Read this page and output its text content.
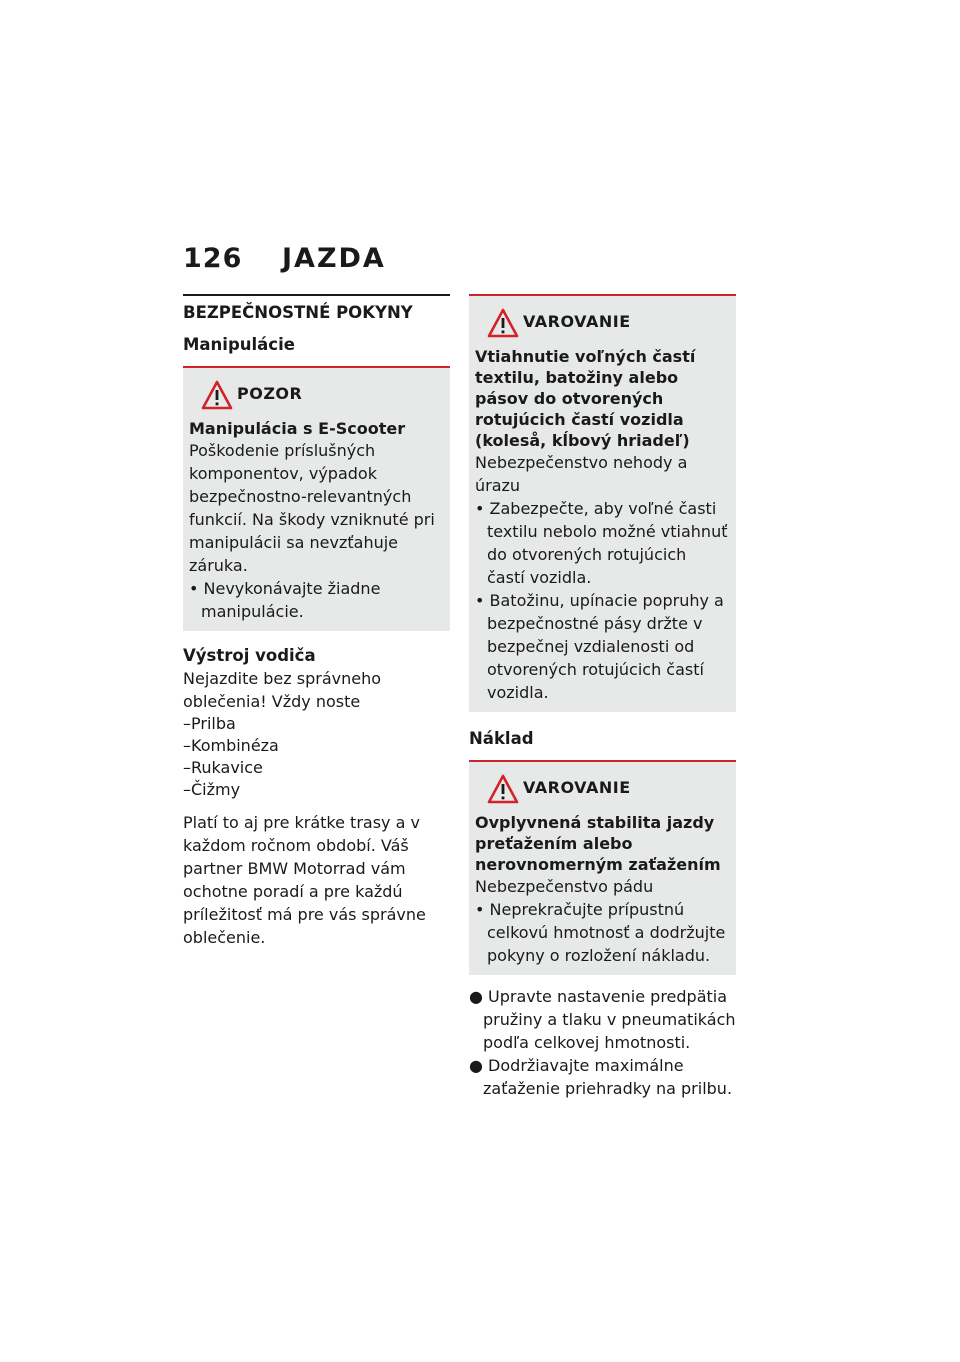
126 JAZDA
BEZPEČNOSTNÉ POKYNY
Manipulácie
POZOR
Manipulácia s E-Scooter
Poškodenie príslušných komponentov, výpadok bezpečnostno-relevantných funkcií. Na škody vzniknuté pri manipulácii sa nevzťahuje záruka.
• Nevykonávajte žiadne manipulácie.
Výstroj vodiča
Nejazdite bez správneho oblečenia! Vždy noste
–Prilba
–Kombinéza
–Rukavice
–Čižmy
Platí to aj pre krátke trasy a v každom ročnom období. Váš partner BMW Motorrad vám ochotne poradí a pre každú príležitosť má pre vás správne oblečenie.
VAROVANIE
Vtiahnutie voľných častí textilu, batožiny alebo pásov do otvorených rotujúcich častí vozidla (koleså, kĺbový hriadeľ)
Nebezpečenstvo nehody a úrazu
• Zabezpečte, aby voľné časti textilu nebolo možné vtiahnuť do otvorených rotujúcich častí vozidla.
• Batožinu, upínacie popruhy a bezpečnostné pásy držte v bezpečnej vzdialenosti od otvorených rotujúcich častí vozidla.
Náklad
VAROVANIE
Ovplyvnená stabilita jazdy preťažením alebo nerovnomerným zaťažením
Nebezpečenstvo pádu
• Neprekračujte prípustnú celkovú hmotnosť a dodržujte pokyny o rozložení nákladu.
● Upravte nastavenie predpätia pružiny a tlaku v pneumatikách podľa celkovej hmotnosti.
● Dodržiavajte maximálne zaťaženie priehradky na prilbu.
